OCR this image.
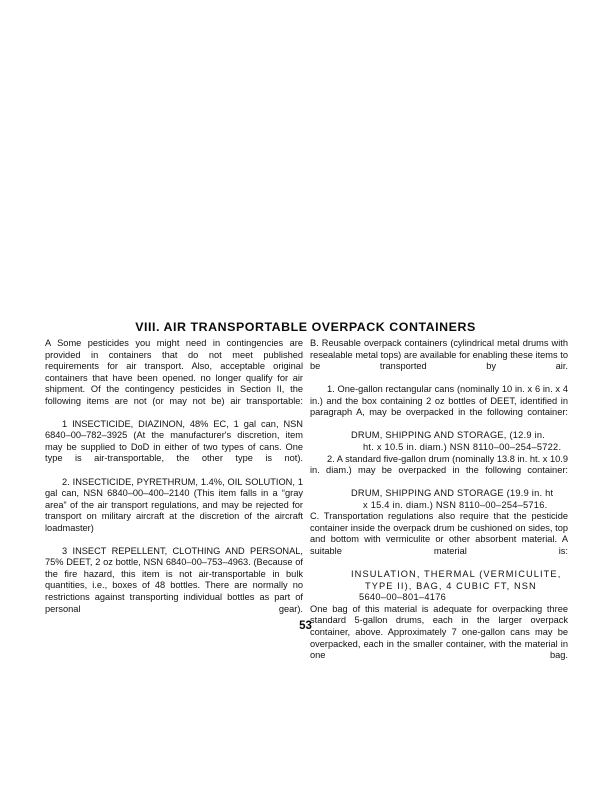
VIII. AIR TRANSPORTABLE OVERPACK CONTAINERS

A Some pesticides you might need in contingencies are provided in containers that do not meet published requirements for air transport. Also, acceptable original containers that have been opened. no longer qualify for air shipment. Of the contingency pesticides in Section II, the following items are not (or may not be) air transportable:

1 INSECTICIDE, DIAZINON, 48% EC, 1 gal can, NSN 6840–00–782–3925 (At the manufacturer's discretion, item may be supplied to DoD in either of two types of cans. One type is air-transportable, the other type is not).

2. INSECTICIDE, PYRETHRUM, 1.4%, OIL SOLUTION, 1 gal can, NSN 6840–00–400–2140 (This item falls in a “gray area” of the air transport regulations, and may be rejected for transport on military aircraft at the discretion of the aircraft loadmaster)

3 INSECT REPELLENT, CLOTHING AND PERSONAL, 75% DEET, 2 oz bottle, NSN 6840–00–753–4963. (Because of the fire hazard, this item is not air-transportable in bulk quantities, i.e., boxes of 48 bottles. There are normally no restrictions against transporting individual bottles as part of personal gear).

B. Reusable overpack containers (cylindrical metal drums with resealable metal tops) are available for enabling these items to be transported by air.

1. One-gallon rectangular cans (nominally 10 in. x 6 in. x 4 in.) and the box containing 2 oz bottles of DEET, identified in paragraph A, may be overpacked in the following container:

DRUM, SHIPPING AND STORAGE, (12.9 in.
ht. x 10.5 in. diam.) NSN 8110–00–254–5722.

2. A standard five-gallon drum (nominally 13.8 in. ht. x 10.9 in. diam.) may be overpacked in the following container:

DRUM, SHIPPING AND STORAGE (19.9 in. ht
x 15.4 in. diam.) NSN 8110–00–254–5716.

C. Transportation regulations also require that the pesticide container inside the overpack drum be cushioned on sides, top and bottom with vermiculite or other absorbent material. A suitable material is:

INSULATION, THERMAL (VERMICULITE,
TYPE II), BAG, 4 CUBIC FT, NSN
5640–00–801–4176

One bag of this material is adequate for overpacking three standard 5-gallon drums, each in the larger overpack container, above. Approximately 7 one-gallon cans may be overpacked, each in the smaller container, with the material in one bag.

53
